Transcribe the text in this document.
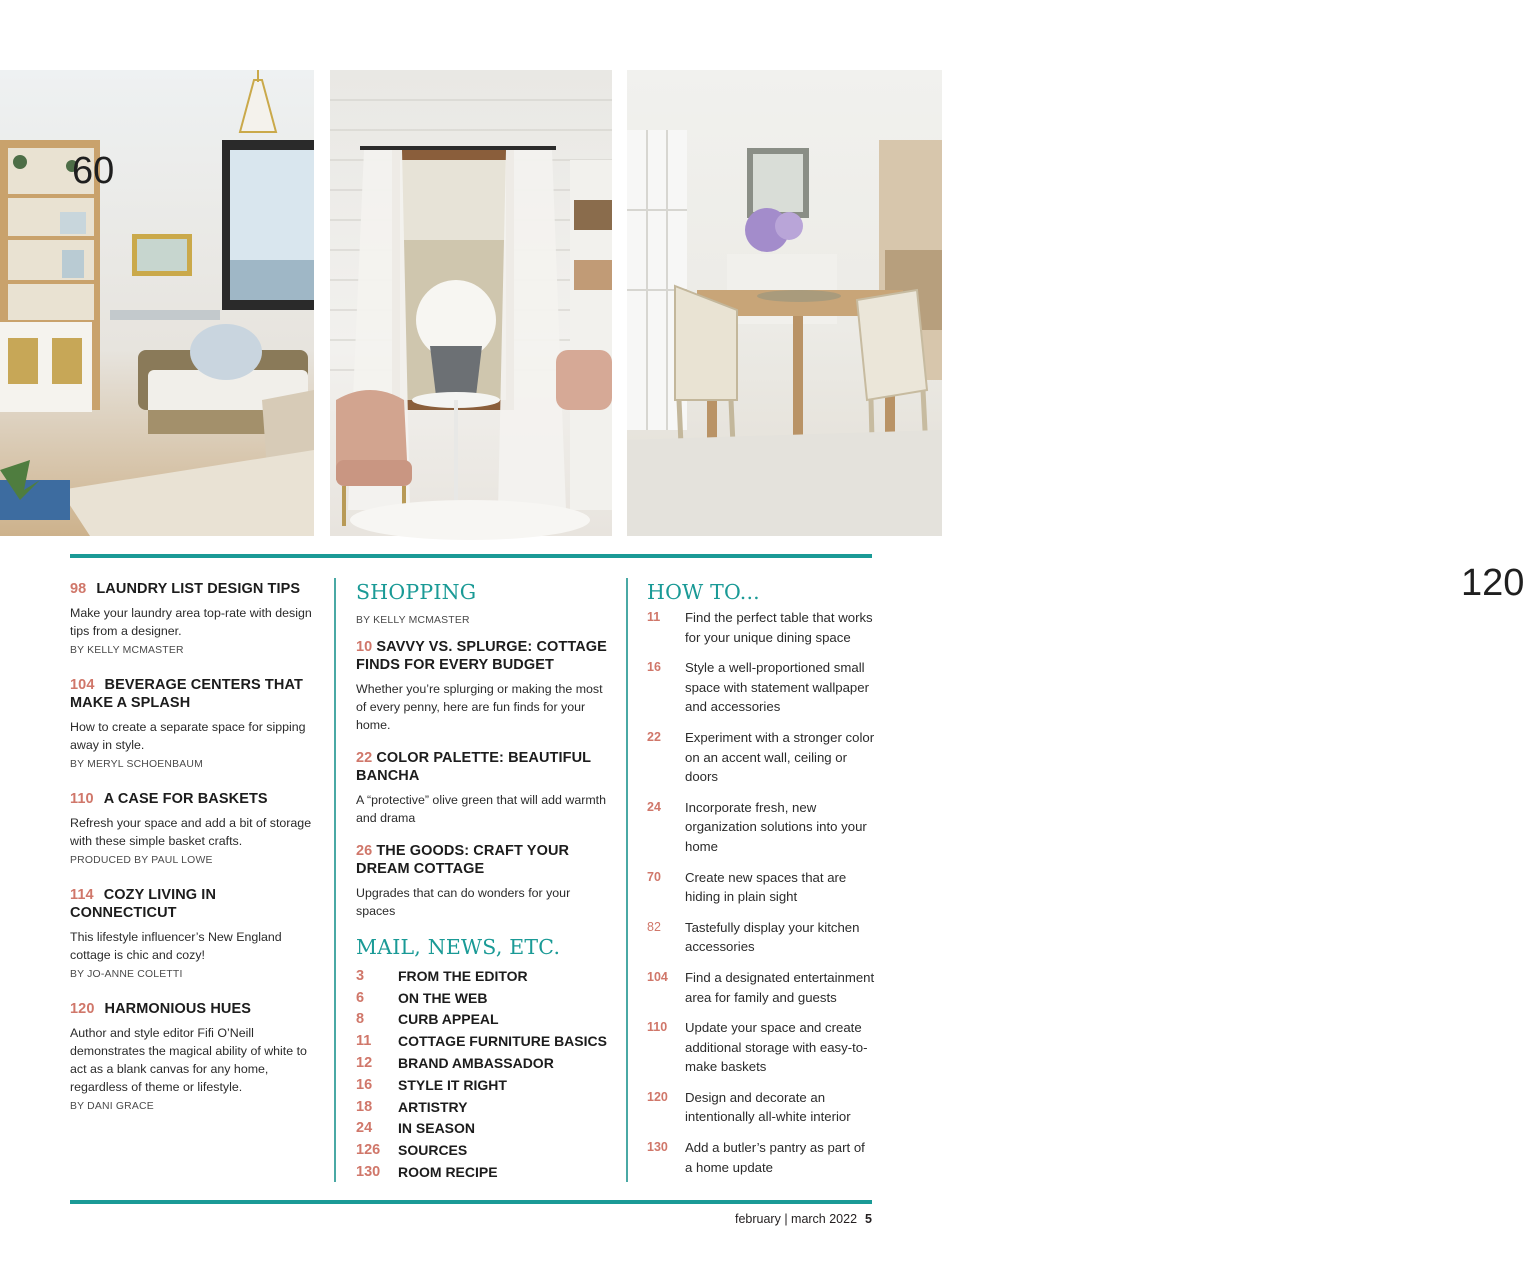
60
120
98 LAUNDRY LIST DESIGN TIPS
Make your laundry area top-rate with design tips from a designer.
BY KELLY MCMASTER
104 BEVERAGE CENTERS THAT MAKE A SPLASH
How to create a separate space for sipping away in style.
BY MERYL SCHOENBAUM
110 A CASE FOR BASKETS
Refresh your space and add a bit of storage with these simple basket crafts.
PRODUCED BY PAUL LOWE
114 COZY LIVING IN CONNECTICUT
This lifestyle influencer’s New England cottage is chic and cozy!
BY JO-ANNE COLETTI
120 HARMONIOUS HUES
Author and style editor Fifi O’Neill demonstrates the magical ability of white to act as a blank canvas for any home, regardless of theme or lifestyle.
BY DANI GRACE
SHOPPING
BY KELLY MCMASTER
10 SAVVY VS. SPLURGE: COTTAGE FINDS FOR EVERY BUDGET
Whether you’re splurging or making the most of every penny, here are fun finds for your home.
22 COLOR PALETTE: BEAUTIFUL BANCHA
A “protective” olive green that will add warmth and drama
26 THE GOODS: CRAFT YOUR DREAM COTTAGE
Upgrades that can do wonders for your spaces
MAIL, NEWS, ETC.
3	FROM THE EDITOR
6	ON THE WEB
8	CURB APPEAL
11	COTTAGE FURNITURE BASICS
12	BRAND AMBASSADOR
16	STYLE IT RIGHT
18	ARTISTRY
24	IN SEASON
126	SOURCES
130	ROOM RECIPE
HOW TO...
11	Find the perfect table that works for your unique dining space
16	Style a well-proportioned small space with statement wallpaper and accessories
22	Experiment with a stronger color on an accent wall, ceiling or doors
24	Incorporate fresh, new organization solutions into your home
70	Create new spaces that are hiding in plain sight
82	Tastefully display your kitchen accessories
104	Find a designated entertainment area for family and guests
110	Update your space and create additional storage with easy-to-make baskets
120	Design and decorate an intentionally all-white interior
130	Add a butler’s pantry as part of a home update
february | march 2022 5
